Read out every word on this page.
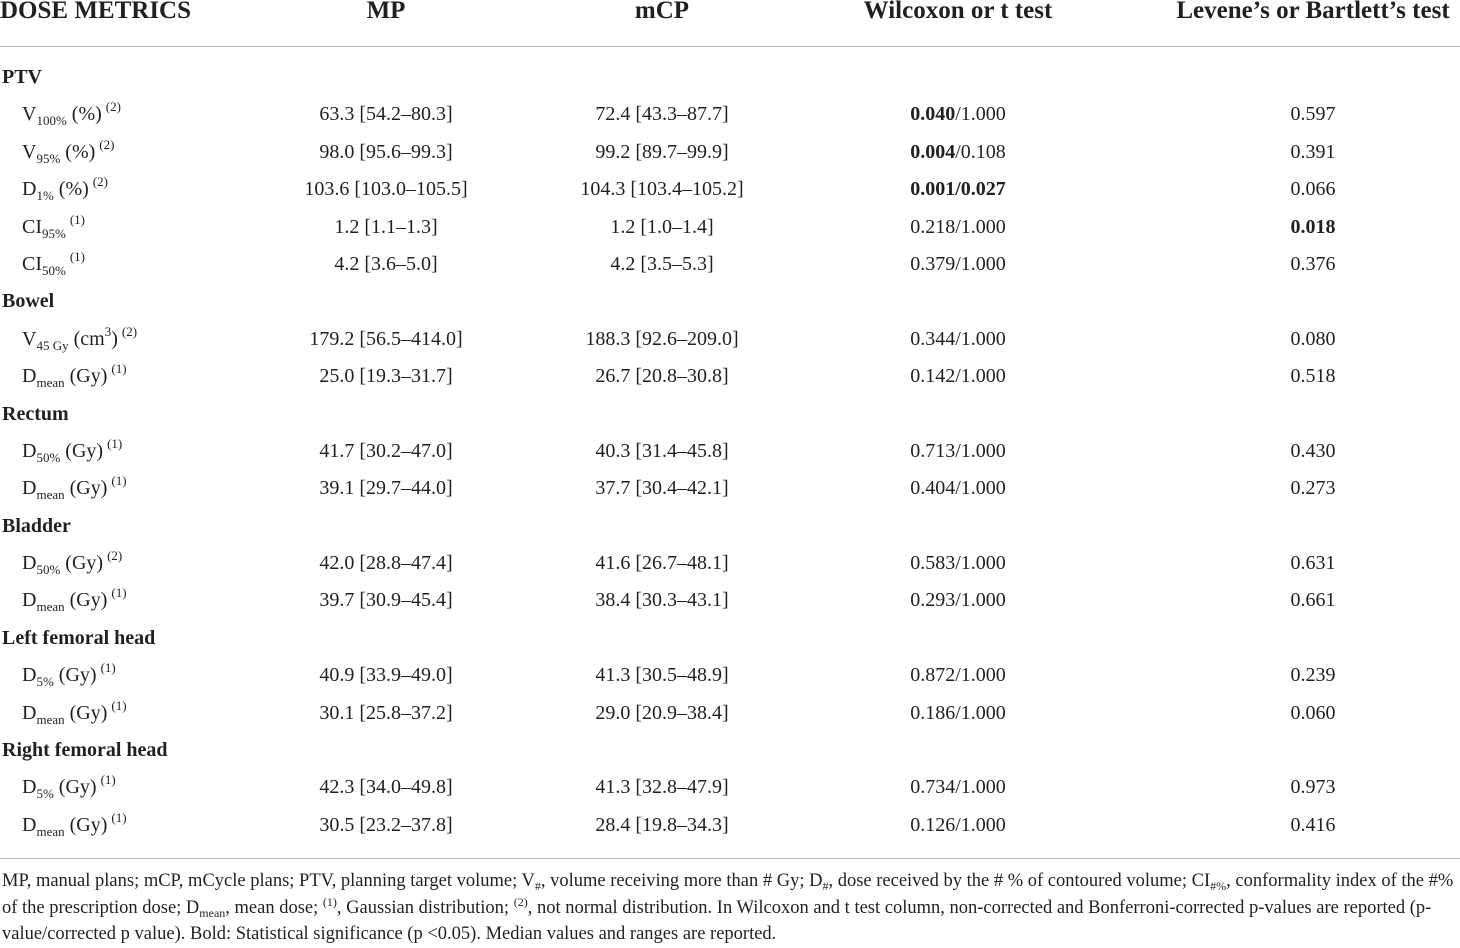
DOSE METRICS	MP	mCP	Wilcoxon or t test	Levene’s or Bartlett’s test
PTV
$V_{100\%}$ (%) $^{(2)}$	63.3 [54.2–80.3]	72.4 [43.3–87.7]	0.040/1.000	0.597
$V_{95\%}$ (%) $^{(2)}$	98.0 [95.6–99.3]	99.2 [89.7–99.9]	0.004/0.108	0.391
$D_{1\%}$ (%) $^{(2)}$	103.6 [103.0–105.5]	104.3 [103.4–105.2]	0.001/0.027	0.066
$CI_{95\%}^{(1)}$	1.2 [1.1–1.3]	1.2 [1.0–1.4]	0.218/1.000	0.018
$CI_{50\%}^{(1)}$	4.2 [3.6–5.0]	4.2 [3.5–5.3]	0.379/1.000	0.376
Bowel
$V_{45 Gy}$ $(cm^3)$ $^{(2)}$	179.2 [56.5–414.0]	188.3 [92.6–209.0]	0.344/1.000	0.080
$D_{mean}$ (Gy) $^{(1)}$	25.0 [19.3–31.7]	26.7 [20.8–30.8]	0.142/1.000	0.518
Rectum
$D_{50\%}$ (Gy) $^{(1)}$	41.7 [30.2–47.0]	40.3 [31.4–45.8]	0.713/1.000	0.430
$D_{mean}$ (Gy) $^{(1)}$	39.1 [29.7–44.0]	37.7 [30.4–42.1]	0.404/1.000	0.273
Bladder
$D_{50\%}$ (Gy) $^{(2)}$	42.0 [28.8–47.4]	41.6 [26.7–48.1]	0.583/1.000	0.631
$D_{mean}$ (Gy) $^{(1)}$	39.7 [30.9–45.4]	38.4 [30.3–43.1]	0.293/1.000	0.661
Left femoral head
$D_{5\%}$ (Gy) $^{(1)}$	40.9 [33.9–49.0]	41.3 [30.5–48.9]	0.872/1.000	0.239
$D_{mean}$ (Gy) $^{(1)}$	30.1 [25.8–37.2]	29.0 [20.9–38.4]	0.186/1.000	0.060
Right femoral head
$D_{5\%}$ (Gy) $^{(1)}$	42.3 [34.0–49.8]	41.3 [32.8–47.9]	0.734/1.000	0.973
$D_{mean}$ (Gy) $^{(1)}$	30.5 [23.2–37.8]	28.4 [19.8–34.3]	0.126/1.000	0.416
MP, manual plans; mCP, mCycle plans; PTV, planning target volume; $V_{\#}$, volume receiving more than # Gy; $D_{\#}$, dose received by the # % of contoured volume; $CI_{\#\%}$, conformality index of the #% of the prescription dose; $D_{mean}$, mean dose; $^{(1)}$, Gaussian distribution; $^{(2)}$, not normal distribution. In Wilcoxon and t test column, non-corrected and Bonferroni-corrected p-values are reported (p-value/corrected p value). Bold: Statistical significance (p <0.05). Median values and ranges are reported.
